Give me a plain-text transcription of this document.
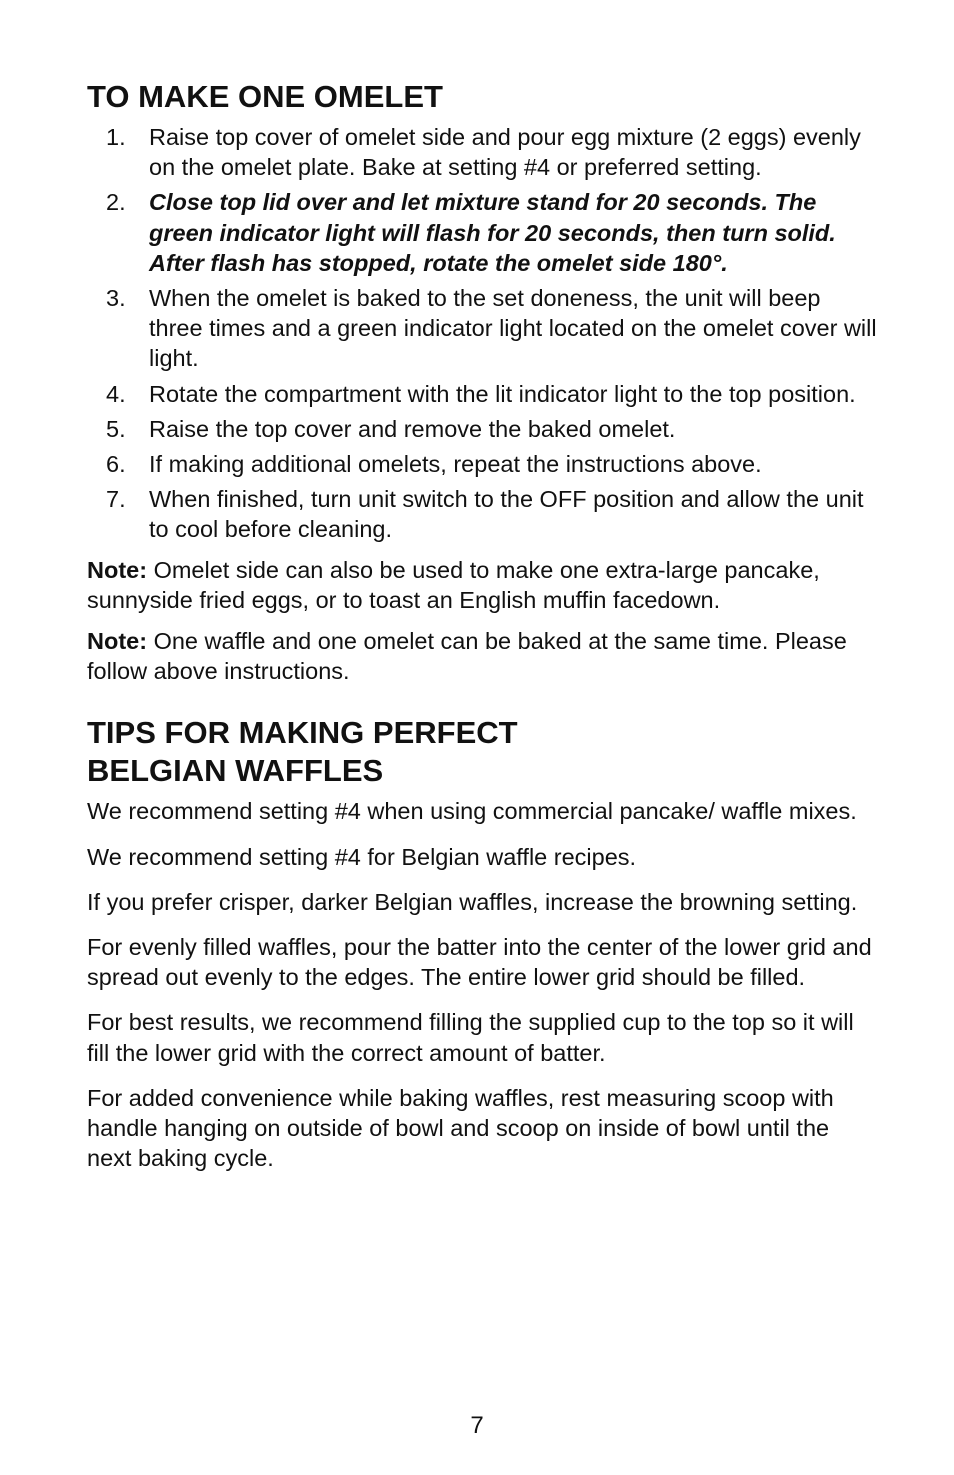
TO MAKE ONE OMELET
1. Raise top cover of omelet side and pour egg mixture (2 eggs) evenly on the omelet plate. Bake at setting #4 or preferred setting.
2. Close top lid over and let mixture stand for 20 seconds. The green indicator light will flash for 20 seconds, then turn solid. After flash has stopped, rotate the omelet side 180°.
3. When the omelet is baked to the set doneness, the unit will beep three times and a green indicator light located on the omelet cover will light.
4. Rotate the compartment with the lit indicator light to the top position.
5. Raise the top cover and remove the baked omelet.
6. If making additional omelets, repeat the instructions above.
7. When finished, turn unit switch to the OFF position and allow the unit to cool before cleaning.

Note: Omelet side can also be used to make one extra-large pancake, sunnyside fried eggs, or to toast an English muffin facedown.

Note: One waffle and one omelet can be baked at the same time. Please follow above instructions.

TIPS FOR MAKING PERFECT
BELGIAN WAFFLES

We recommend setting #4 when using commercial pancake/ waffle mixes.

We recommend setting #4 for Belgian waffle recipes.

If you prefer crisper, darker Belgian waffles, increase the browning setting.

For evenly filled waffles, pour the batter into the center of the lower grid and spread out evenly to the edges. The entire lower grid should be filled.

For best results, we recommend filling the supplied cup to the top so it will fill the lower grid with the correct amount of batter.

For added convenience while baking waffles, rest measuring scoop with handle hanging on outside of bowl and scoop on inside of bowl until the next baking cycle.

7
